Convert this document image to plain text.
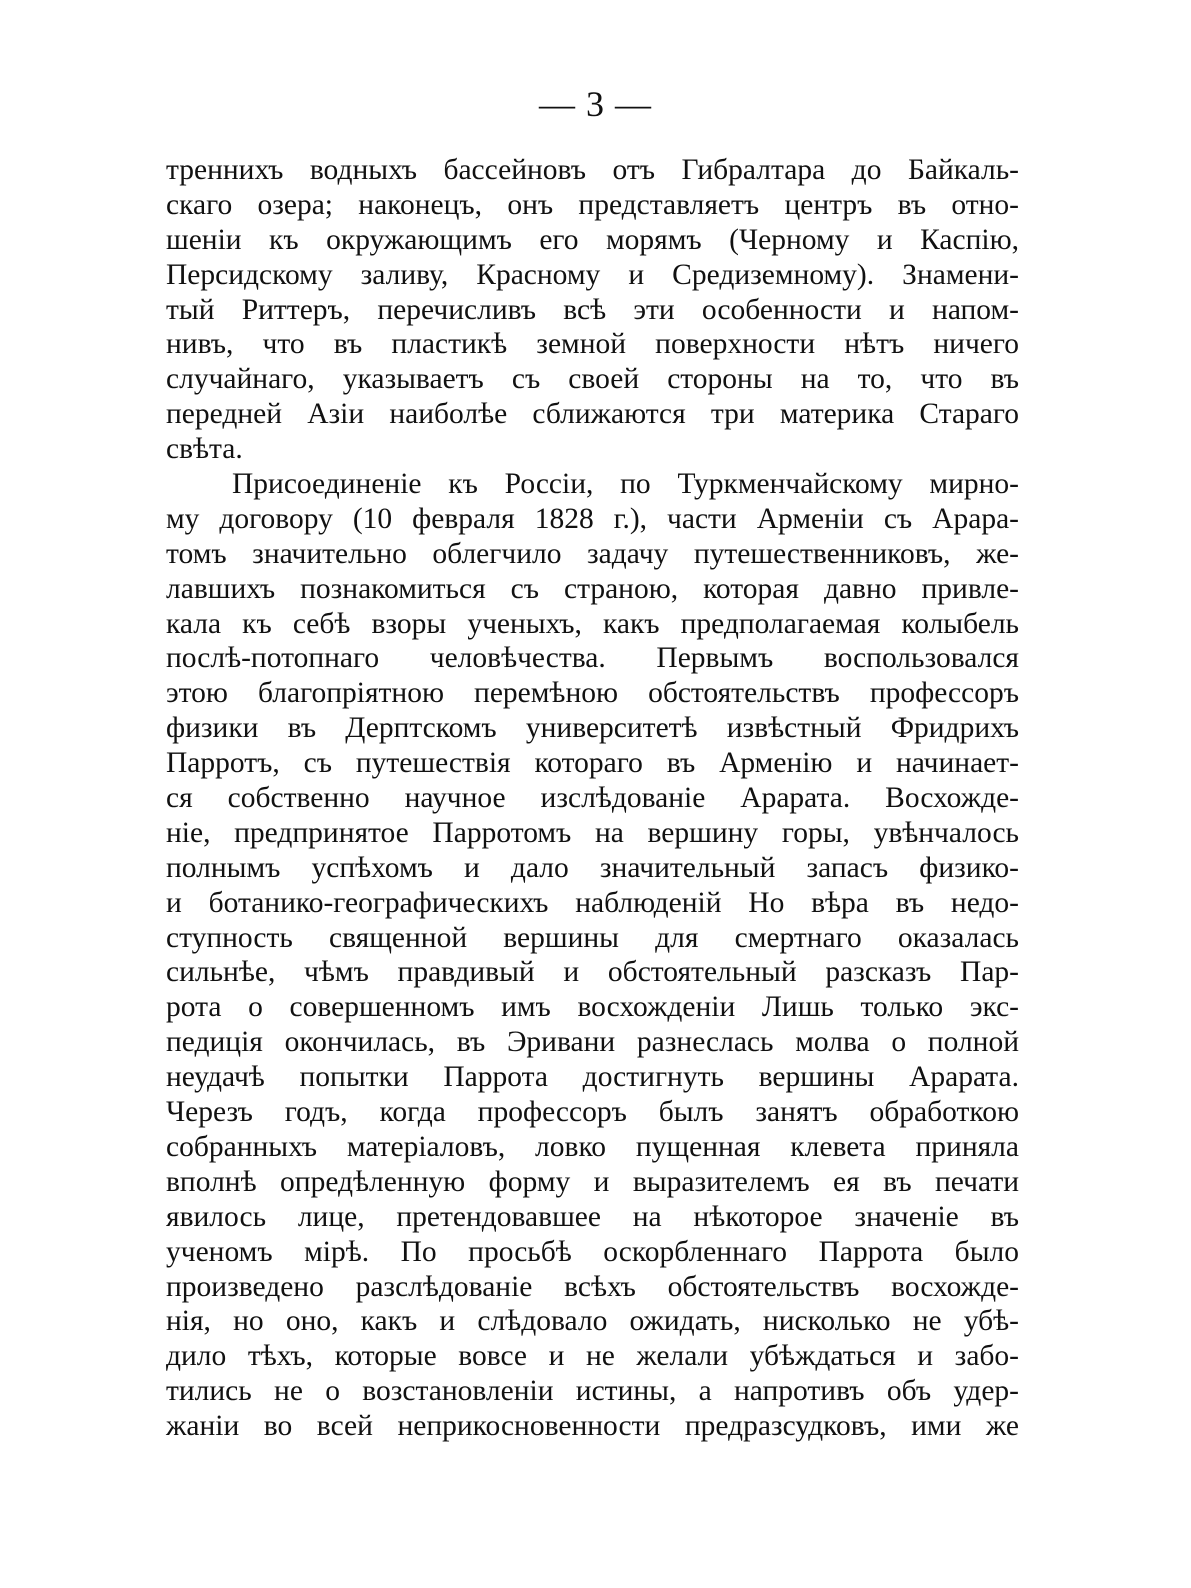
— 3 —
треннихъ водныхъ бассейновъ отъ Гибралтара до Байкаль-
скаго озера; наконецъ, онъ представляетъ центръ въ отно-
шеніи къ окружающимъ его морямъ (Черному и Каспію,
Персидскому заливу, Красному и Средиземному). Знамени-
тый Риттеръ, перечисливъ всѣ эти особенности и напом-
нивъ, что въ пластикѣ земной поверхности нѣтъ ничего
случайнаго, указываетъ съ своей стороны на то, что въ
передней Азіи наиболѣе сближаются три материка Стараго
свѣта.
Присоединеніе къ Россіи, по Туркменчайскому мирно-
му договору (10 февраля 1828 г.), части Арменіи съ Арара-
томъ значительно облегчило задачу путешественниковъ, же-
лавшихъ познакомиться съ страною, которая давно привле-
кала къ себѣ взоры ученыхъ, какъ предполагаемая колыбель
послѣ-потопнаго человѣчества. Первымъ воспользовался
этою благопріятною перемѣною обстоятельствъ профессоръ
физики въ Дерптскомъ университетѣ извѣстный Фридрихъ
Парротъ, съ путешествія котораго въ Арменію и начинает-
ся собственно научное изслѣдованіе Арарата. Восхожде-
ніе, предпринятое Парротомъ на вершину горы, увѣнчалось
полнымъ успѣхомъ и дало значительный запасъ физико-
и ботанико-географическихъ наблюденій Но вѣра въ недо-
ступность священной вершины для смертнаго оказалась
сильнѣе, чѣмъ правдивый и обстоятельный разсказъ Пар-
рота о совершенномъ имъ восхожденіи Лишь только экс-
педиція окончилась, въ Эривани разнеслась молва о полной
неудачѣ попытки Паррота достигнуть вершины Арарата.
Черезъ годъ, когда профессоръ былъ занятъ обработкою
собранныхъ матеріаловъ, ловко пущенная клевета приняла
вполнѣ опредѣленную форму и выразителемъ ея въ печати
явилось лице, претендовавшее на нѣкоторое значеніе въ
ученомъ мірѣ. По просьбѣ оскорбленнаго Паррота было
произведено разслѣдованіе всѣхъ обстоятельствъ восхожде-
нія, но оно, какъ и слѣдовало ожидать, нисколько не убѣ-
дило тѣхъ, которые вовсе и не желали убѣждаться и забо-
тились не о возстановленіи истины, а напротивъ объ удер-
жаніи во всей неприкосновенности предразсудковъ, ими же
